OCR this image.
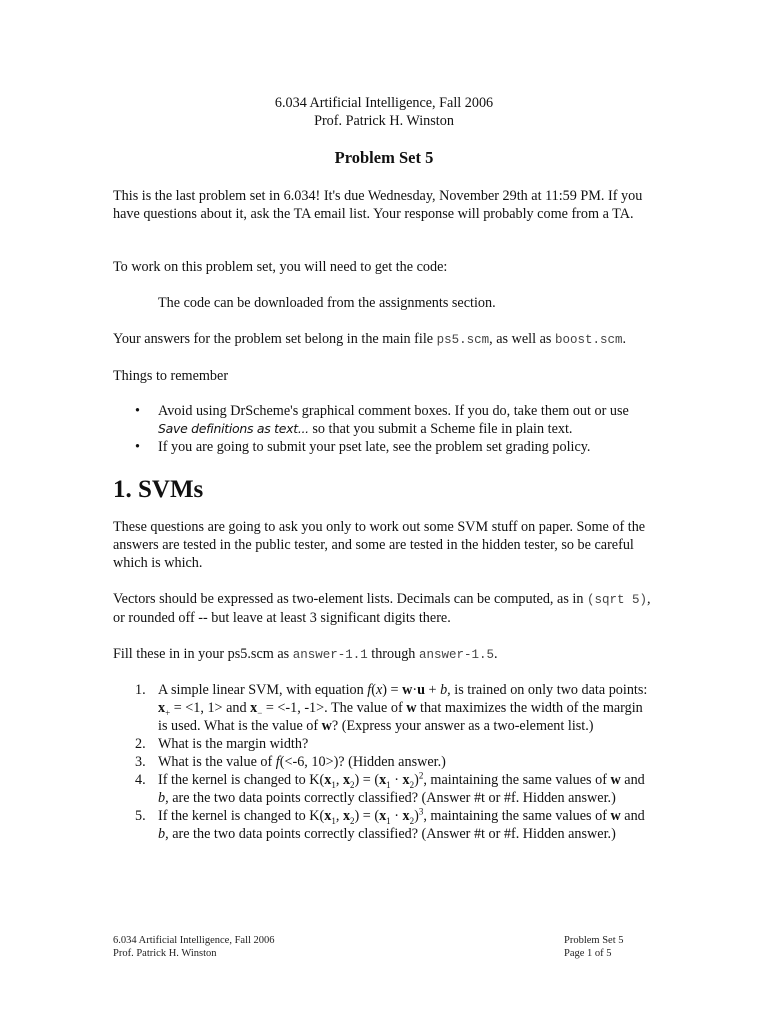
6.034 Artificial Intelligence, Fall 2006
Prof. Patrick H. Winston
Problem Set 5
This is the last problem set in 6.034! It's due Wednesday, November 29th at 11:59 PM. If you have questions about it, ask the TA email list. Your response will probably come from a TA.
To work on this problem set, you will need to get the code:
The code can be downloaded from the assignments section.
Your answers for the problem set belong in the main file ps5.scm, as well as boost.scm.
Things to remember
• Avoid using DrScheme's graphical comment boxes. If you do, take them out or use Save definitions as text... so that you submit a Scheme file in plain text.
• If you are going to submit your pset late, see the problem set grading policy.
1. SVMs
These questions are going to ask you only to work out some SVM stuff on paper. Some of the answers are tested in the public tester, and some are tested in the hidden tester, so be careful which is which.
Vectors should be expressed as two-element lists. Decimals can be computed, as in (sqrt 5), or rounded off -- but leave at least 3 significant digits there.
Fill these in in your ps5.scm as answer-1.1 through answer-1.5.
1. A simple linear SVM, with equation f(x) = w·u + b, is trained on only two data points: $x_+ = <1$, 1> and $x_- = <-1$, -1>. The value of w that maximizes the width of the margin is used. What is the value of w? (Express your answer as a two-element list.)
2. What is the margin width?
3. What is the value of f(<-6, 10>)? (Hidden answer.)
4. If the kernel is changed to $K(x_1$, $x_2) = (x_1 \cdot x_2)^2$, maintaining the same values of w and b, are the two data points correctly classified? (Answer #t or #f. Hidden answer.)
5. If the kernel is changed to $K(x_1$, $x_2) = (x_1 \cdot x_2)^3$, maintaining the same values of w and b, are the two data points correctly classified? (Answer #t or #f. Hidden answer.)
6.034 Artificial Intelligence, Fall 2006
Prof. Patrick H. Winston
Problem Set 5
Page 1 of 5
